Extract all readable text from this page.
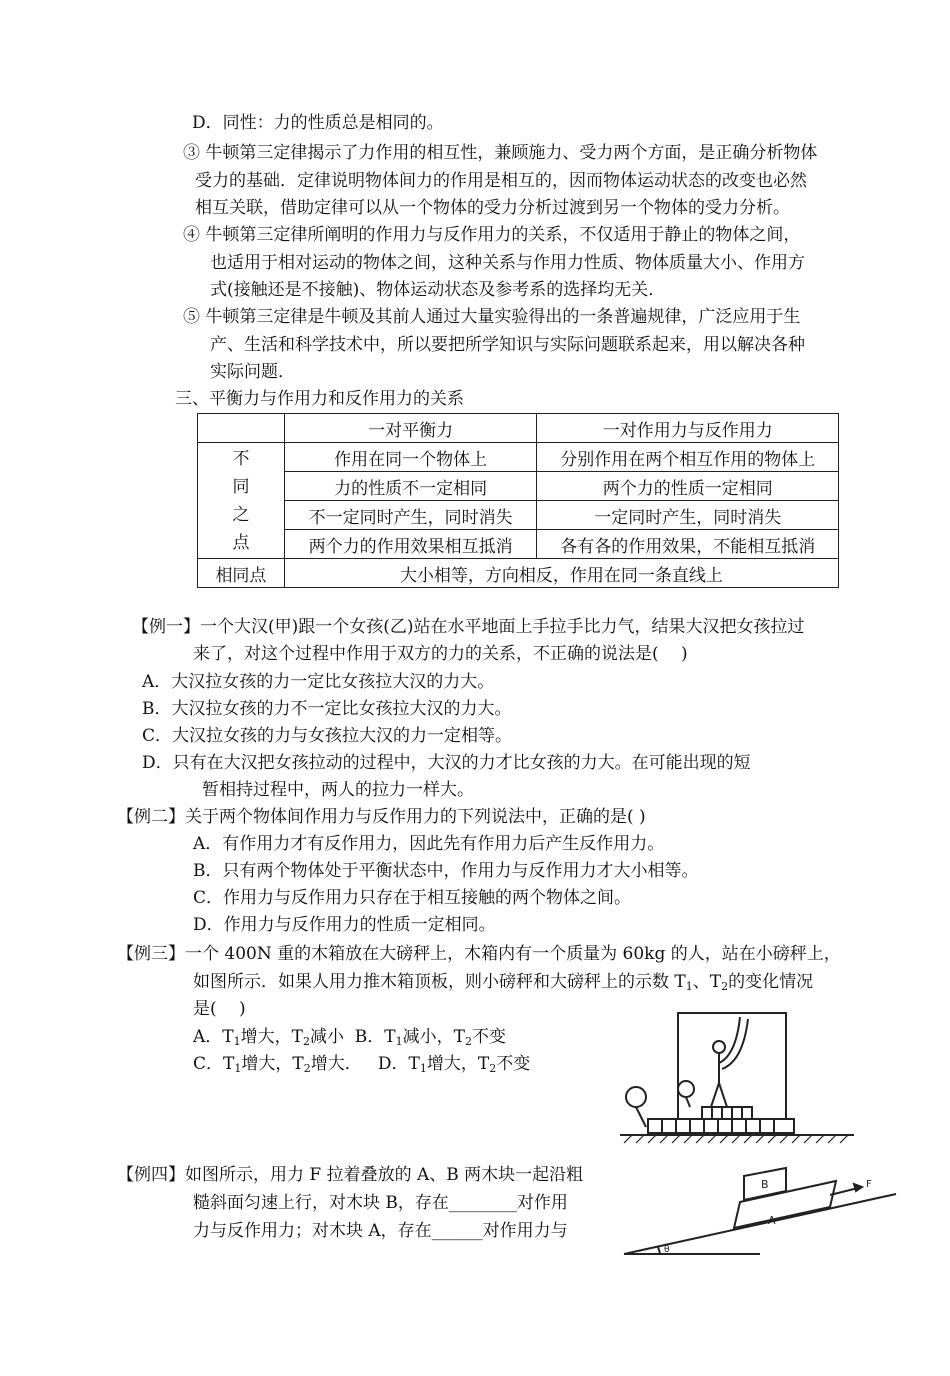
D．同性：力的性质总是相同的。
③ 牛顿第三定律揭示了力作用的相互性，兼顾施力、受力两个方面，是正确分析物体
受力的基础．定律说明物体间力的作用是相互的，因而物体运动状态的改变也必然
相互关联，借助定律可以从一个物体的受力分析过渡到另一个物体的受力分析。
④ 牛顿第三定律所阐明的作用力与反作用力的关系，不仅适用于静止的物体之间，
也适用于相对运动的物体之间，这种关系与作用力性质、物体质量大小、作用方
式(接触还是不接触)、物体运动状态及参考系的选择均无关．
⑤ 牛顿第三定律是牛顿及其前人通过大量实验得出的一条普遍规律，广泛应用于生
产、生活和科学技术中，所以要把所学知识与实际问题联系起来，用以解决各种
实际问题．
三、平衡力与作用力和反作用力的关系
	一对平衡力	一对作用力与反作用力

不
同
之
点	作用在同一个物体上	分别作用在两个相互作用的物体上
	力的性质不一定相同	两个力的性质一定相同
	不一定同时产生，同时消失	一定同时产生，同时消失
	两个力的作用效果相互抵消	各有各的作用效果，不能相互抵消
相同点	大小相等，方向相反，作用在同一条直线上	
【例一】一个大汉(甲)跟一个女孩(乙)站在水平地面上手拉手比力气，结果大汉把女孩拉过
来了，对这个过程中作用于双方的力的关系，不正确的说法是(　 )
A．大汉拉女孩的力一定比女孩拉大汉的力大。
B．大汉拉女孩的力不一定比女孩拉大汉的力大。
C．大汉拉女孩的力与女孩拉大汉的力一定相等。
D．只有在大汉把女孩拉动的过程中，大汉的力才比女孩的力大。在可能出现的短
暂相持过程中，两人的拉力一样大。
【例二】关于两个物体间作用力与反作用力的下列说法中，正确的是( )
A．有作用力才有反作用力，因此先有作用力后产生反作用力。
B．只有两个物体处于平衡状态中，作用力与反作用力才大小相等。
C．作用力与反作用力只存在于相互接触的两个物体之间。
D．作用力与反作用力的性质一定相同。
【例三】一个 400N 重的木箱放在大磅秤上，木箱内有一个质量为 60kg 的人，站在小磅秤上，
如图所示．如果人用力推木箱顶板，则小磅秤和大磅秤上的示数 $T_1$、$T_2$的变化情况
是(　 )
A．$T_1$增大，$T_2$减小 B．$T_1$减小，$T_2$不变
C．$T_1$增大，$T_2$增大． D．$T_1$增大，$T_2$不变
【例四】如图所示，用力 F 拉着叠放的 A、B 两木块一起沿粗
糙斜面匀速上行，对木块 B，存在________对作用
力与反作用力；对木块 A，存在______对作用力与
A
B	F
θ
